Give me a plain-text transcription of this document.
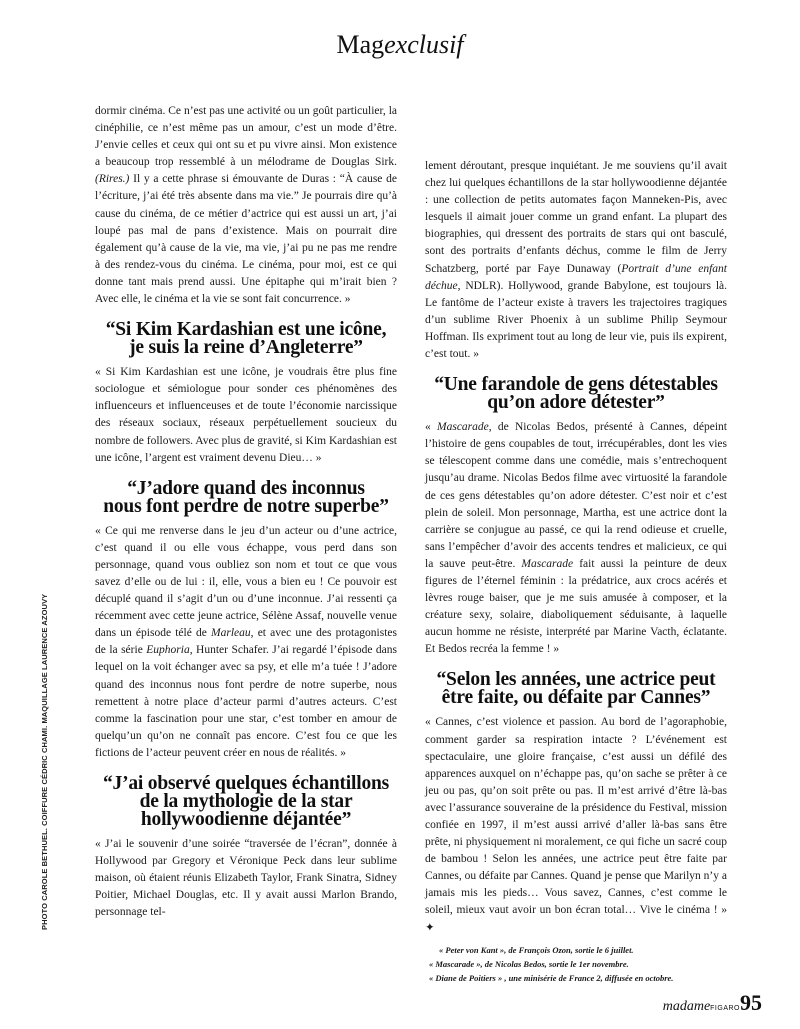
Magexclusif

dormir cinéma. Ce n’est pas une activité ou un goût particulier, la cinéphilie, ce n’est même pas un amour, c’est un mode d’être. J’envie celles et ceux qui ont su et pu vivre ainsi. Mon existence a beaucoup trop ressemblé à un mélodrame de Douglas Sirk. (Rires.) Il y a cette phrase si émouvante de Duras : “À cause de l’écriture, j’ai été très absente dans ma vie.” Je pourrais dire qu’à cause du cinéma, de ce métier d’actrice qui est aussi un art, j’ai loupé pas mal de pans d’existence. Mais on pourrait dire également qu’à cause de la vie, ma vie, j’ai pu ne pas me rendre à des rendez-vous du cinéma. Le cinéma, pour moi, est ce qui donne tant mais prend aussi. Une épitaphe qui m’irait bien ? Avec elle, le cinéma et la vie se sont fait concurrence. »

“Si Kim Kardashian est une icône,
je suis la reine d’Angleterre”

« Si Kim Kardashian est une icône, je voudrais être plus fine sociologue et sémiologue pour sonder ces phénomènes des influenceurs et influenceuses et de toute l’économie narcissique des réseaux sociaux, réseaux perpétuellement soucieux du nombre de followers. Avec plus de gravité, si Kim Kardashian est une icône, l’argent est vraiment devenu Dieu… »

“J’adore quand des inconnus
nous font perdre de notre superbe”

« Ce qui me renverse dans le jeu d’un acteur ou d’une actrice, c’est quand il ou elle vous échappe, vous perd dans son personnage, quand vous oubliez son nom et tout ce que vous savez d’elle ou de lui : il, elle, vous a bien eu ! Ce pouvoir est décuplé quand il s’agit d’un ou d’une inconnue. J’ai ressenti ça récemment avec cette jeune actrice, Sélène Assaf, nouvelle venue dans un épisode télé de Marleau, et avec une des protagonistes de la série Euphoria, Hunter Schafer. J’ai regardé l’épisode dans lequel on la voit échanger avec sa psy, et elle m’a tuée ! J’adore quand des inconnus nous font perdre de notre superbe, nous remettent à notre place d’acteur parmi d’autres acteurs. C’est comme la fascination pour une star, c’est tomber en amour de quelqu’un qu’on ne connaît pas encore. C’est fou ce que les fictions de l’acteur peuvent créer en nous de réalités. »

“J’ai observé quelques échantillons
de la mythologie de la star
hollywoodienne déjantée”

« J’ai le souvenir d’une soirée “traversée de l’écran”, donnée à Hollywood par Gregory et Véronique Peck dans leur sublime maison, où étaient réunis Elizabeth Taylor, Frank Sinatra, Sidney Poitier, Michael Douglas, etc. Il y avait aussi Marlon Brando, personnage tel-

lement déroutant, presque inquiétant. Je me souviens qu’il avait chez lui quelques échantillons de la star hollywoodienne déjantée : une collection de petits automates façon Manneken-Pis, avec lesquels il aimait jouer comme un grand enfant. La plupart des biographies, qui dressent des portraits de stars qui ont basculé, sont des portraits d’enfants déchus, comme le film de Jerry Schatzberg, porté par Faye Dunaway (Portrait d’une enfant déchue, NDLR). Hollywood, grande Babylone, est toujours là. Le fantôme de l’acteur existe à travers les trajectoires tragiques d’un sublime River Phoenix à un sublime Philip Seymour Hoffman. Ils expriment tout au long de leur vie, puis ils expirent, c’est tout. »

“Une farandole de gens détestables
qu’on adore détester”

« Mascarade, de Nicolas Bedos, présenté à Cannes, dépeint l’histoire de gens coupables de tout, irrécupérables, dont les vies se télescopent comme dans une comédie, mais s’entrechoquent jusqu’au drame. Nicolas Bedos filme avec virtuosité la farandole de ces gens détestables qu’on adore détester. C’est noir et c’est plein de soleil. Mon personnage, Martha, est une actrice dont la carrière se conjugue au passé, ce qui la rend odieuse et cruelle, sans l’empêcher d’avoir des accents tendres et malicieux, ce qui la sauve peut-être. Mascarade fait aussi la peinture de deux figures de l’éternel féminin : la prédatrice, aux crocs acérés et lèvres rouge baiser, que je me suis amusée à composer, et la créature sexy, solaire, diaboliquement séduisante, à laquelle aucun homme ne résiste, interprété par Marine Vacth, éclatante. Et Bedos recréa la femme ! »

“Selon les années, une actrice peut
être faite, ou défaite par Cannes”

« Cannes, c’est violence et passion. Au bord de l’agoraphobie, comment garder sa respiration intacte ? L’événement est spectaculaire, une gloire française, c’est aussi un défilé des apparences auxquel on n’échappe pas, qu’on sache se prêter à ce jeu ou pas, qu’on soit prête ou pas. Il m’est arrivé d’être là-bas avec l’assurance souveraine de la présidence du Festival, mission confiée en 1997, il m’est aussi arrivé d’aller là-bas sans être prête, ni physiquement ni moralement, ce qui fiche un sacré coup de bambou ! Selon les années, une actrice peut être faite par Cannes, ou défaite par Cannes. Quand je pense que Marilyn n’y a jamais mis les pieds… Vous savez, Cannes, c’est comme le soleil, mieux vaut avoir un bon écran total… Vive le cinéma ! » ✦

« Peter von Kant », de François Ozon, sortie le 6 juillet.
« Mascarade », de Nicolas Bedos, sortie le 1er novembre.
« Diane de Poitiers » , une minisérie de France 2, diffusée en octobre.
PHOTO CAROLE BETHUEL. COIFFURE CÉDRIC CHAMI. MAQUILLAGE LAURENCE AZOUVY
madameFIGARO95
